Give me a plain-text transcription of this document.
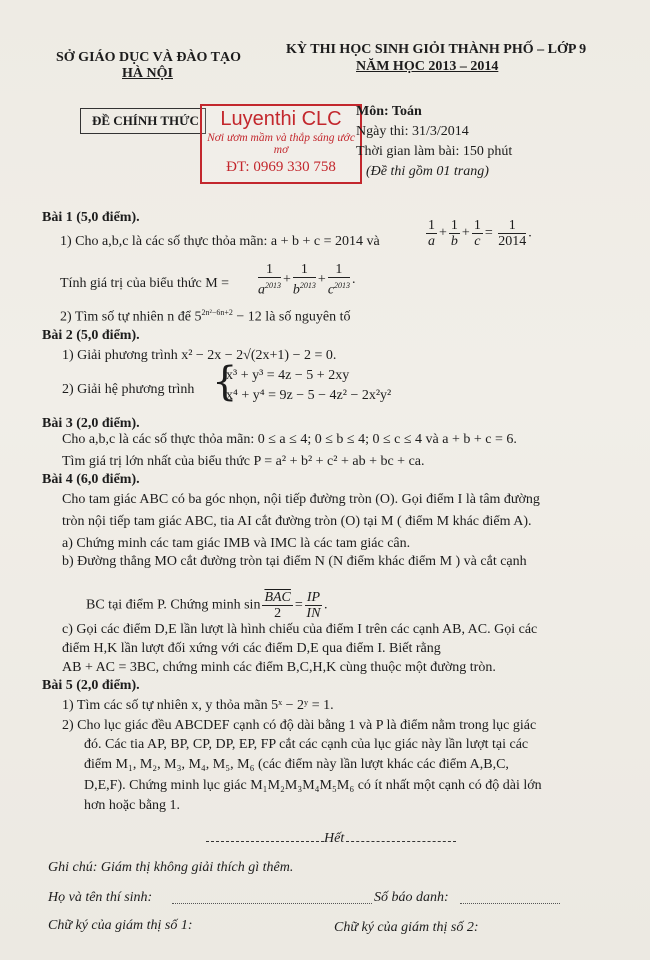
SỞ GIÁO DỤC VÀ ĐÀO TẠO
HÀ NỘI
KỲ THI HỌC SINH GIỎI THÀNH PHỐ – LỚP 9
NĂM HỌC 2013 – 2014
ĐỀ CHÍNH THỨC	Luyenthi CLC
Nơi ươm mầm và thắp sáng ước mơ
ĐT: 0969 330 758
Môn: Toán
Ngày thi: 31/3/2014
Thời gian làm bài: 150 phút
(Đề thi gồm 01 trang)
Bài 1 (5,0 điểm).
1) Cho a,b,c là các số thực thỏa mãn: a + b + c = 2014 và	$\frac{1}{a} + \frac{1}{b} + \frac{1}{c} = \frac{1}{2014}$ .
Tính giá trị của biểu thức $M = \frac{1}{a^{2013}} + \frac{1}{b^{2013}} + \frac{1}{c^{2013}}$ .
2) Tìm số tự nhiên n để $5^{2n^2-6n+2} - 12$ là số nguyên tố
Bài 2 (5,0 điểm).
1) Giải phương trình x² − 2x − 2√(2x+1) − 2 = 0.
2) Giải hệ phương trình {
x³ + y³ = 4z − 5 + 2xy
x⁴ + y⁴ = 9z − 5 − 4z² − 2x²y²
Bài 3 (2,0 điểm).
Cho a,b,c là các số thực thỏa mãn: 0 ≤ a ≤ 4; 0 ≤ b ≤ 4; 0 ≤ c ≤ 4 và a + b + c = 6.
Tìm giá trị lớn nhất của biểu thức P = a² + b² + c² + ab + bc + ca.
Bài 4 (6,0 điểm).
Cho tam giác ABC có ba góc nhọn, nội tiếp đường tròn (O). Gọi điểm I là tâm đường
tròn nội tiếp tam giác ABC, tia AI cắt đường tròn (O) tại M ( điểm M khác điểm A).
a) Chứng minh các tam giác IMB và IMC là các tam giác cân.
b) Đường thẳng MO cắt đường tròn tại điểm N (N điểm khác điểm M ) và cắt cạnh
BC tại điểm P. Chứng minh $\sin \frac{\overline{BAC}}{2} = \frac{IP}{IN}$ .
c) Gọi các điểm D,E lần lượt là hình chiếu của điểm I trên các cạnh AB, AC. Gọi các
điểm H,K lần lượt đối xứng với các điểm D,E qua điểm I. Biết rằng
AB + AC = 3BC, chứng minh các điểm B,C,H,K cùng thuộc một đường tròn.
Bài 5 (2,0 điểm).
1) Tìm các số tự nhiên x, y thỏa mãn 5ˣ − 2ʸ = 1.
2) Cho lục giác đều ABCDEF cạnh có độ dài bằng 1 và P là điểm nằm trong lục giác
đó. Các tia AP, BP, CP, DP, EP, FP cắt các cạnh của lục giác này lần lượt tại các
điểm M₁, M₂, M₃, M₄, M₅, M₆ (các điểm này lần lượt khác các điểm A,B,C,
D,E,F). Chứng minh lục giác M₁M₂M₃M₄M₅M₆ có ít nhất một cạnh có độ dài lớn
hơn hoặc bằng 1.
Hết
Ghi chú: Giám thị không giải thích gì thêm.
Họ và tên thí sinh:	Số báo danh:
Chữ ký của giám thị số 1:	Chữ ký của giám thị số 2:
